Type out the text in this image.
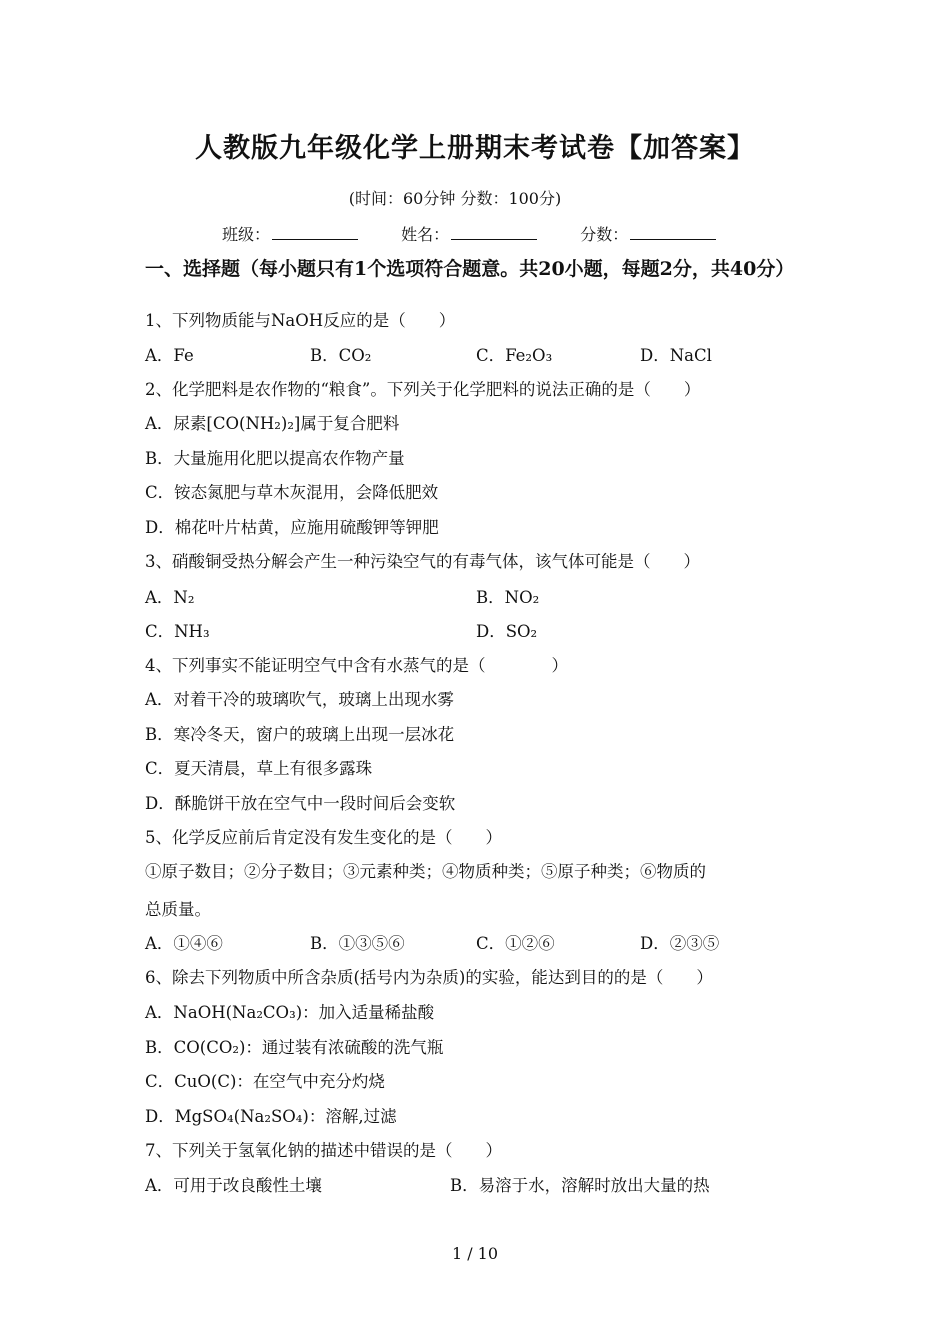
人教版九年级化学上册期末考试卷【加答案】
(时间：60分钟 分数：100分)
班级：	姓名：	分数：
一、选择题（每小题只有1个选项符合题意。共20小题，每题2分，共40分）
1、下列物质能与NaOH反应的是（　　）
A．Fe	B．CO₂	C．Fe₂O₃	D．NaCl
2、化学肥料是农作物的“粮食”。下列关于化学肥料的说法正确的是（　　）
A．尿素[CO(NH₂)₂]属于复合肥料
B．大量施用化肥以提高农作物产量
C．铵态氮肥与草木灰混用，会降低肥效
D．棉花叶片枯黄，应施用硫酸钾等钾肥
3、硝酸铜受热分解会产生一种污染空气的有毒气体，该气体可能是（　　）
A．N₂	B．NO₂
C．NH₃	D．SO₂
4、下列事实不能证明空气中含有水蒸气的是（　　　　）
A．对着干冷的玻璃吹气，玻璃上出现水雾
B．寒冷冬天，窗户的玻璃上出现一层冰花
C．夏天清晨，草上有很多露珠
D．酥脆饼干放在空气中一段时间后会变软
5、化学反应前后肯定没有发生变化的是（　　）
①原子数目；②分子数目；③元素种类；④物质种类；⑤原子种类；⑥物质的
总质量。
A．①④⑥	B．①③⑤⑥	C．①②⑥	D．②③⑤
6、除去下列物质中所含杂质(括号内为杂质)的实验，能达到目的的是（　　）
A．NaOH(Na₂CO₃)：加入适量稀盐酸
B．CO(CO₂)：通过装有浓硫酸的洗气瓶
C．CuO(C)：在空气中充分灼烧
D．MgSO₄(Na₂SO₄)：溶解,过滤
7、下列关于氢氧化钠的描述中错误的是（　　）
A．可用于改良酸性土壤	B．易溶于水，溶解时放出大量的热
1 / 10
